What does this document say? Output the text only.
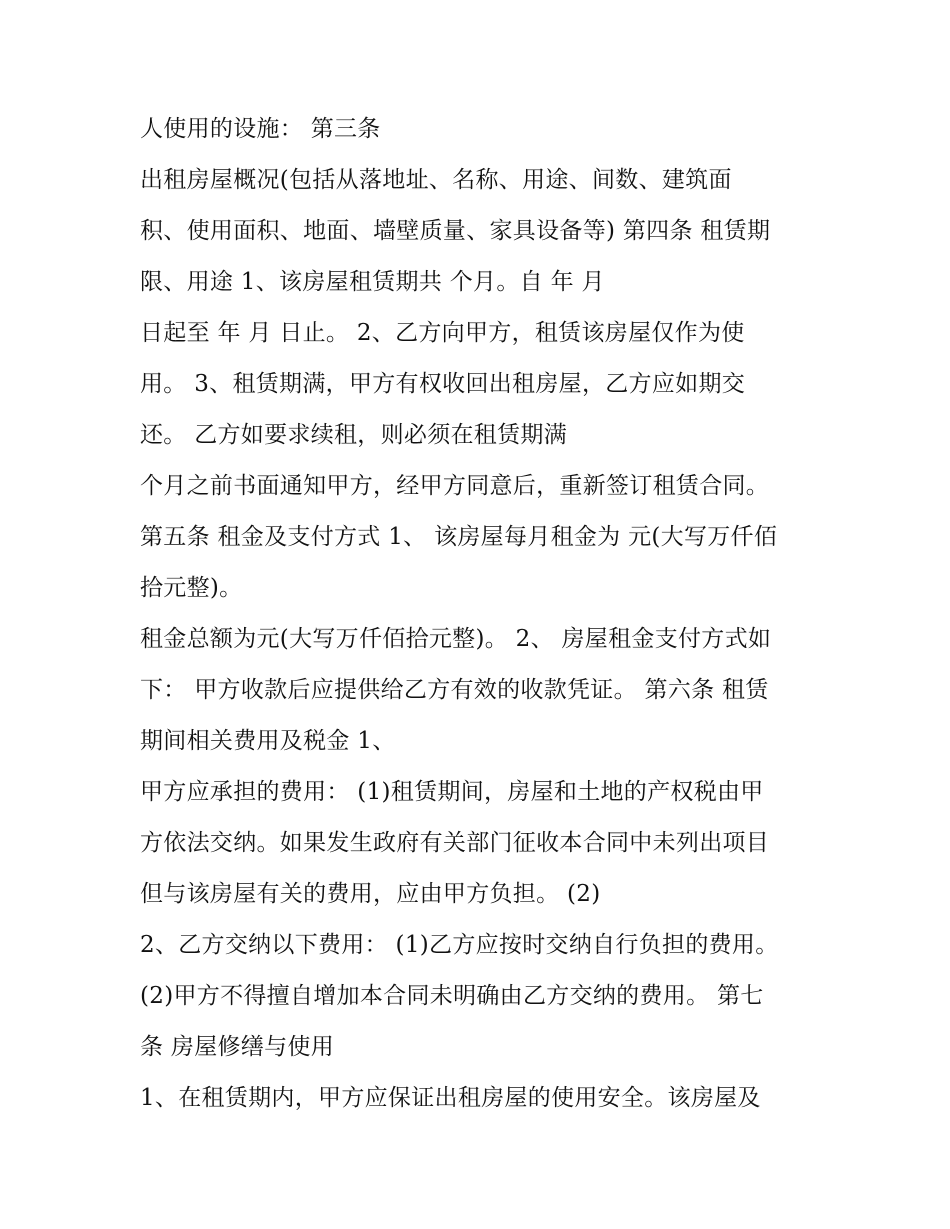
人使用的设施： 第三条
出租房屋概况(包括从落地址、名称、用途、间数、建筑面
积、使用面积、地面、墙壁质量、家具设备等) 第四条 租赁期
限、用途 1、该房屋租赁期共 个月。自 年 月
日起至 年 月 日止。 2、乙方向甲方，租赁该房屋仅作为使
用。 3、租赁期满，甲方有权收回出租房屋，乙方应如期交
还。 乙方如要求续租，则必须在租赁期满
个月之前书面通知甲方，经甲方同意后，重新签订租赁合同。
第五条 租金及支付方式 1、 该房屋每月租金为 元(大写万仟佰
拾元整)。
租金总额为元(大写万仟佰拾元整)。 2、 房屋租金支付方式如
下： 甲方收款后应提供给乙方有效的收款凭证。 第六条 租赁
期间相关费用及税金 1、
甲方应承担的费用： (1)租赁期间，房屋和土地的产权税由甲
方依法交纳。如果发生政府有关部门征收本合同中未列出项目
但与该房屋有关的费用，应由甲方负担。 (2)
2、乙方交纳以下费用： (1)乙方应按时交纳自行负担的费用。
(2)甲方不得擅自增加本合同未明确由乙方交纳的费用。 第七
条 房屋修缮与使用
1、在租赁期内，甲方应保证出租房屋的使用安全。该房屋及
